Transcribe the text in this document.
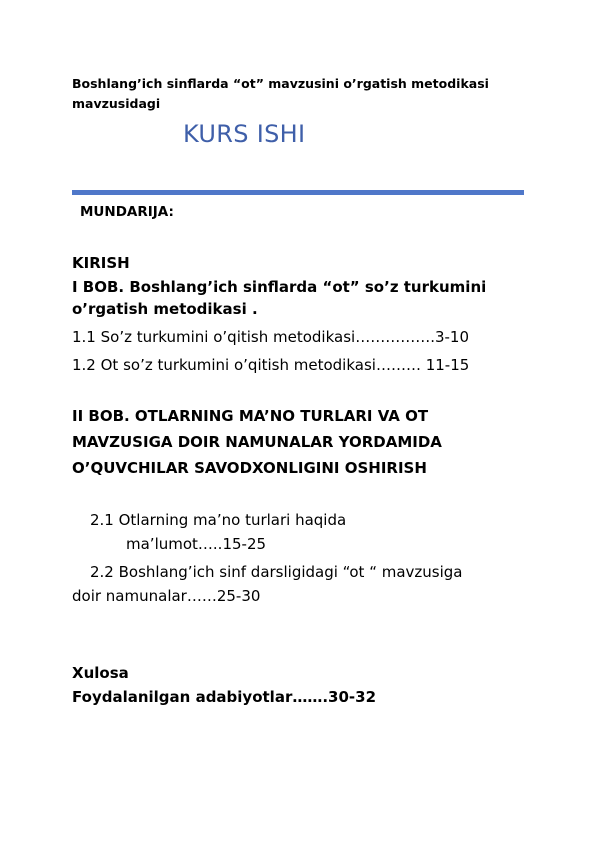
Boshlang’ich sinflarda “ot” mavzusini o’rgatish metodikasi mavzusidagi
KURS ISHI
MUNDARIJA:
KIRISH
I BOB. Boshlang’ich sinflarda “ot” so’z turkumini
o’rgatish metodikasi .
1.1 So’z turkumini o’qitish metodikasi…………….3-10
1.2 Ot so’z turkumini o’qitish metodikasi……… 11-15
II BOB. OTLARNING MA’NO TURLARI VA OT
MAVZUSIGA DOIR NAMUNALAR YORDAMIDA
O’QUVCHILAR SAVODXONLIGINI OSHIRISH
2.1 Otlarning ma’no turlari haqida
ma’lumot…..15-25
2.2 Boshlang’ich sinf darsligidagi “ot “ mavzusiga
doir namunalar……25-30
Xulosa
Foydalanilgan adabiyotlar…….30-32
